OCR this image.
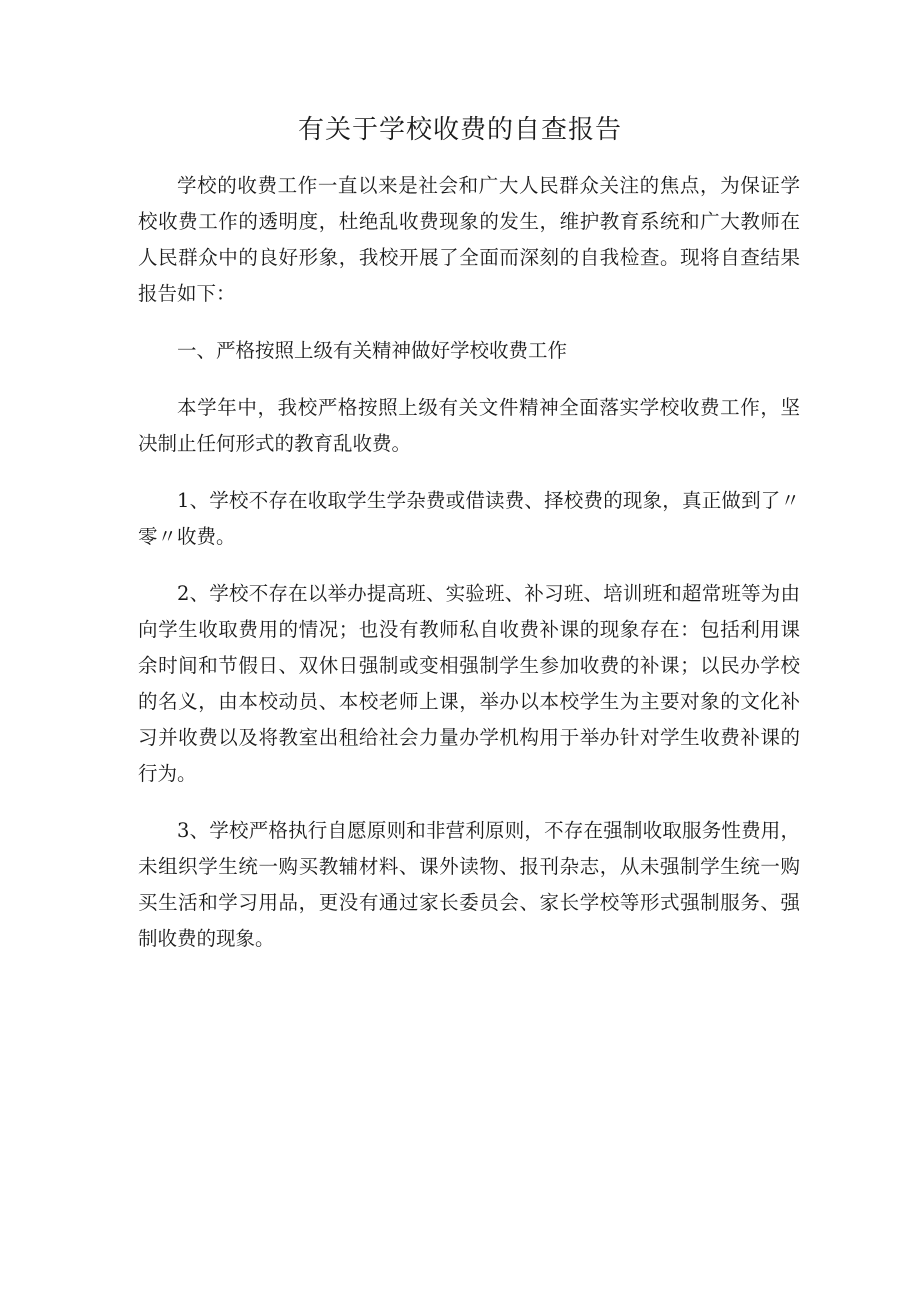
有关于学校收费的自查报告

学校的收费工作一直以来是社会和广大人民群众关注的焦点，为保证学校收费工作的透明度，杜绝乱收费现象的发生，维护教育系统和广大教师在人民群众中的良好形象，我校开展了全面而深刻的自我检查。现将自查结果报告如下：

一、严格按照上级有关精神做好学校收费工作

本学年中，我校严格按照上级有关文件精神全面落实学校收费工作，坚决制止任何形式的教育乱收费。

1、学校不存在收取学生学杂费或借读费、择校费的现象，真正做到了〃零〃收费。

2、学校不存在以举办提高班、实验班、补习班、培训班和超常班等为由向学生收取费用的情况；也没有教师私自收费补课的现象存在：包括利用课余时间和节假日、双休日强制或变相强制学生参加收费的补课；以民办学校的名义，由本校动员、本校老师上课，举办以本校学生为主要对象的文化补习并收费以及将教室出租给社会力量办学机构用于举办针对学生收费补课的行为。

3、学校严格执行自愿原则和非营利原则，不存在强制收取服务性费用，未组织学生统一购买教辅材料、课外读物、报刊杂志，从未强制学生统一购买生活和学习用品，更没有通过家长委员会、家长学校等形式强制服务、强制收费的现象。
